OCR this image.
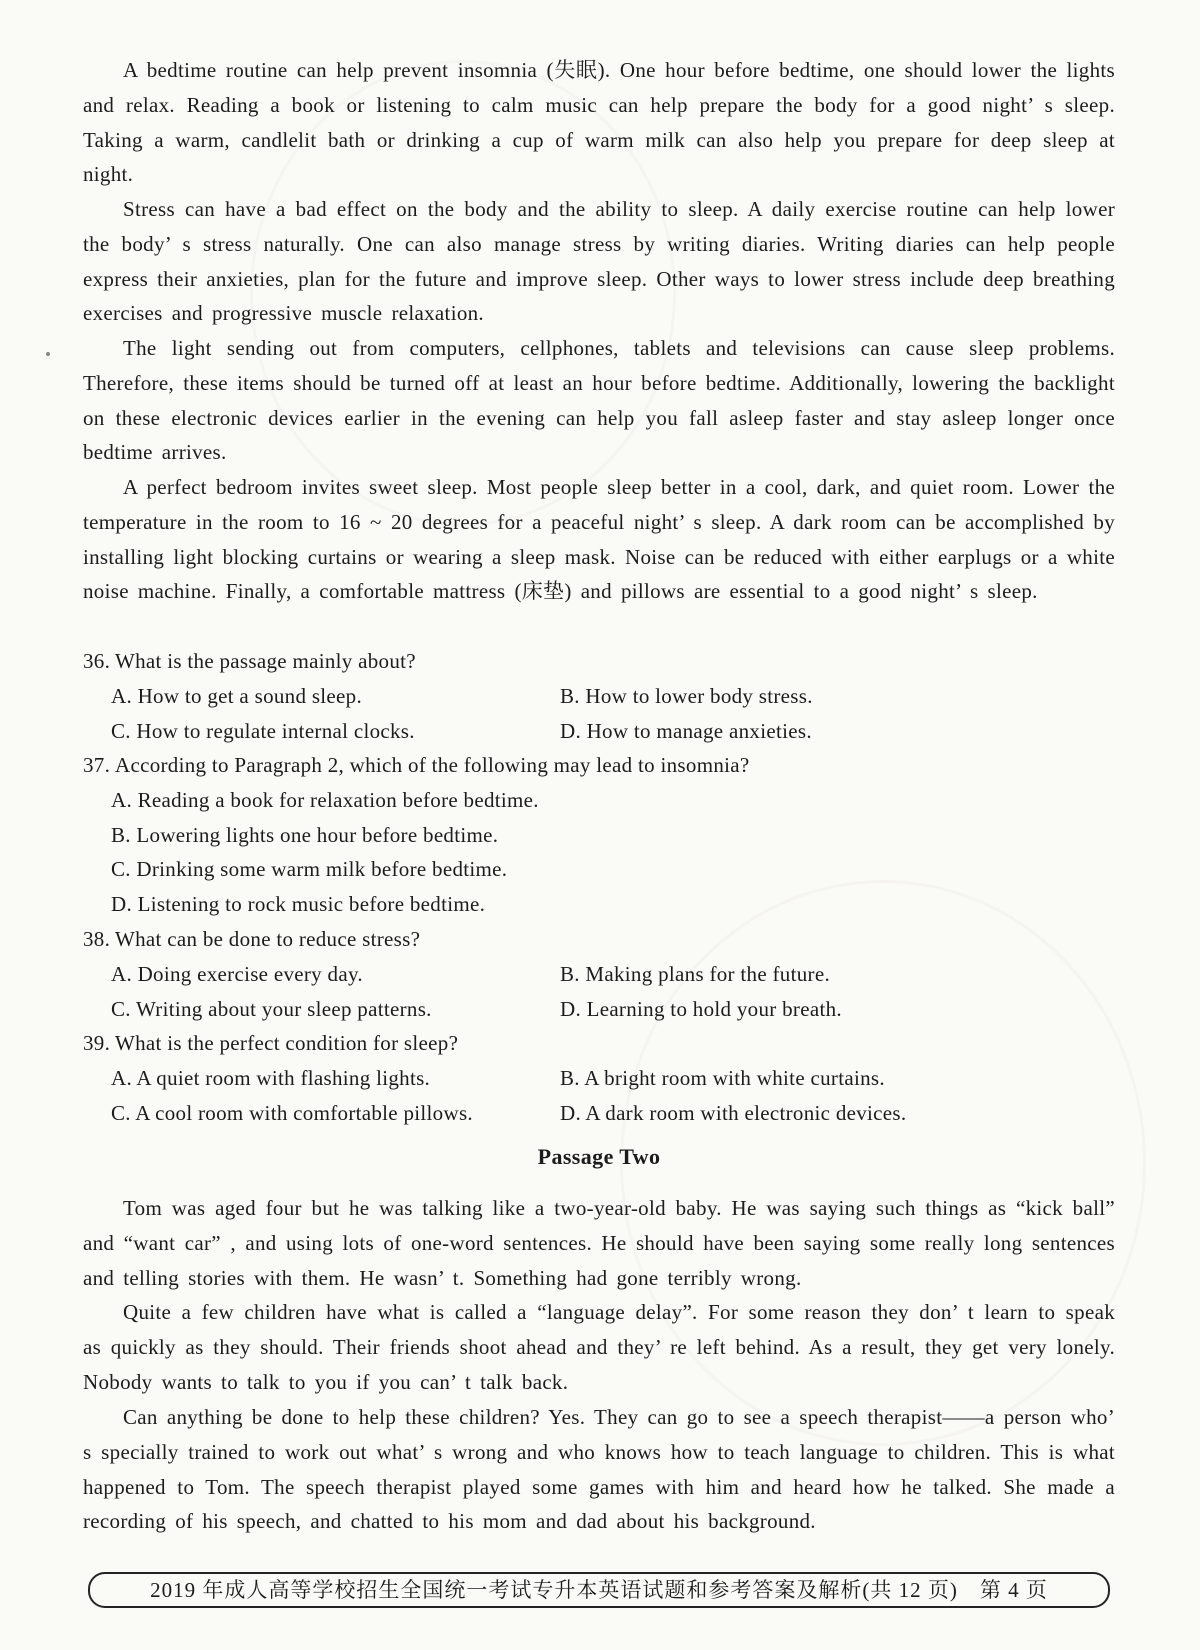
A bedtime routine can help prevent insomnia (失眠). One hour before bedtime, one should lower the lights and relax. Reading a book or listening to calm music can help prepare the body for a good night’ s sleep. Taking a warm, candlelit bath or drinking a cup of warm milk can also help you prepare for deep sleep at night.

Stress can have a bad effect on the body and the ability to sleep. A daily exercise routine can help lower the body’ s stress naturally. One can also manage stress by writing diaries. Writing diaries can help people express their anxieties, plan for the future and improve sleep. Other ways to lower stress include deep breathing exercises and progressive muscle relaxation.

The light sending out from computers, cellphones, tablets and televisions can cause sleep problems. Therefore, these items should be turned off at least an hour before bedtime. Additionally, lowering the backlight on these electronic devices earlier in the evening can help you fall asleep faster and stay asleep longer once bedtime arrives.

A perfect bedroom invites sweet sleep. Most people sleep better in a cool, dark, and quiet room. Lower the temperature in the room to 16 ~ 20 degrees for a peaceful night’ s sleep. A dark room can be accomplished by installing light blocking curtains or wearing a sleep mask. Noise can be reduced with either earplugs or a white noise machine. Finally, a comfortable mattress (床垫) and pillows are essential to a good night’ s sleep.

36. What is the passage mainly about?
A. How to get a sound sleep.	B. How to lower body stress.
C. How to regulate internal clocks.	D. How to manage anxieties.
37. According to Paragraph 2, which of the following may lead to insomnia?
A. Reading a book for relaxation before bedtime.
B. Lowering lights one hour before bedtime.
C. Drinking some warm milk before bedtime.
D. Listening to rock music before bedtime.
38. What can be done to reduce stress?
A. Doing exercise every day.	B. Making plans for the future.
C. Writing about your sleep patterns.	D. Learning to hold your breath.
39. What is the perfect condition for sleep?
A. A quiet room with flashing lights.	B. A bright room with white curtains.
C. A cool room with comfortable pillows.	D. A dark room with electronic devices.
Passage Two

Tom was aged four but he was talking like a two-year-old baby. He was saying such things as “kick ball” and “want car” , and using lots of one-word sentences. He should have been saying some really long sentences and telling stories with them. He wasn’ t. Something had gone terribly wrong.

Quite a few children have what is called a “language delay”. For some reason they don’ t learn to speak as quickly as they should. Their friends shoot ahead and they’ re left behind. As a result, they get very lonely. Nobody wants to talk to you if you can’ t talk back.

Can anything be done to help these children? Yes. They can go to see a speech therapist——a person who’ s specially trained to work out what’ s wrong and who knows how to teach language to children. This is what happened to Tom. The speech therapist played some games with him and heard how he talked. She made a recording of his speech, and chatted to his mom and dad about his background.

2019 年成人高等学校招生全国统一考试专升本英语试题和参考答案及解析(共 12 页)　第 4 页
